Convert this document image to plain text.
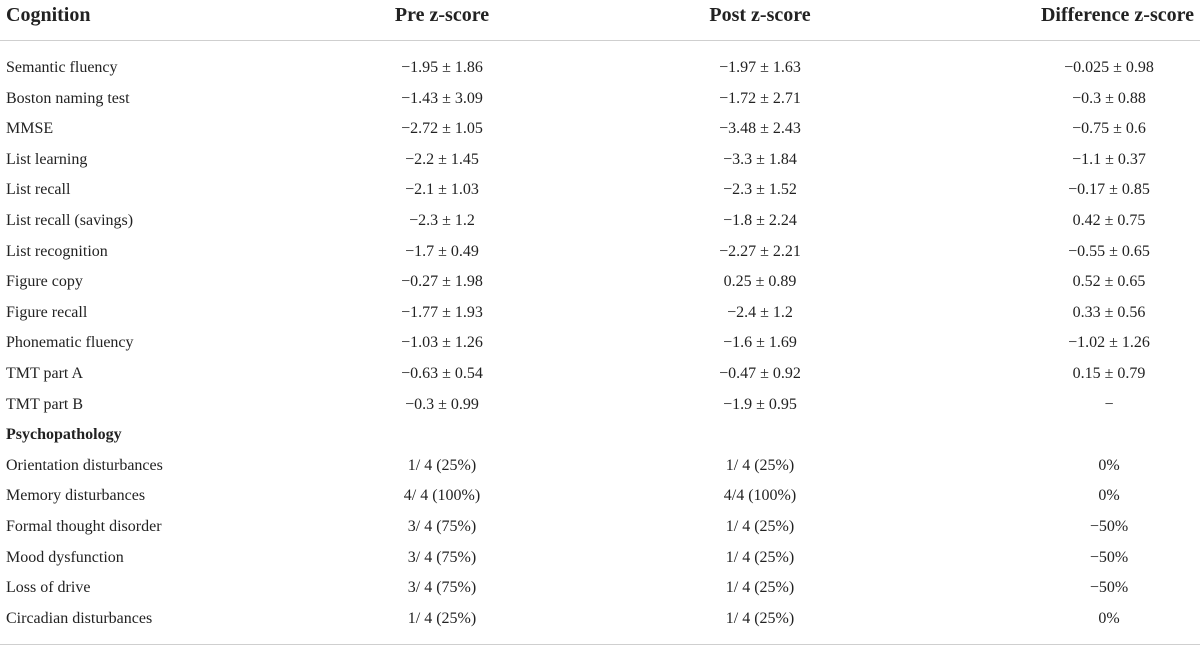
Cognition	Pre z-score	Post z-score	Difference z-score
Semantic fluency	−1.95 ± 1.86	−1.97 ± 1.63	−0.025 ± 0.98
Boston naming test	−1.43 ± 3.09	−1.72 ± 2.71	−0.3 ± 0.88
MMSE	−2.72 ± 1.05	−3.48 ± 2.43	−0.75 ± 0.6
List learning	−2.2 ± 1.45	−3.3 ± 1.84	−1.1 ± 0.37
List recall	−2.1 ± 1.03	−2.3 ± 1.52	−0.17 ± 0.85
List recall (savings)	−2.3 ± 1.2	−1.8 ± 2.24	0.42 ± 0.75
List recognition	−1.7 ± 0.49	−2.27 ± 2.21	−0.55 ± 0.65
Figure copy	−0.27 ± 1.98	0.25 ± 0.89	0.52 ± 0.65
Figure recall	−1.77 ± 1.93	−2.4 ± 1.2	0.33 ± 0.56
Phonematic fluency	−1.03 ± 1.26	−1.6 ± 1.69	−1.02 ± 1.26
TMT part A	−0.63 ± 0.54	−0.47 ± 0.92	0.15 ± 0.79
TMT part B	−0.3 ± 0.99	−1.9 ± 0.95	−
Psychopathology
Orientation disturbances	1/ 4 (25%)	1/ 4 (25%)	0%
Memory disturbances	4/ 4 (100%)	4/4 (100%)	0%
Formal thought disorder	3/ 4 (75%)	1/ 4 (25%)	−50%
Mood dysfunction	3/ 4 (75%)	1/ 4 (25%)	−50%
Loss of drive	3/ 4 (75%)	1/ 4 (25%)	−50%
Circadian disturbances	1/ 4 (25%)	1/ 4 (25%)	0%
